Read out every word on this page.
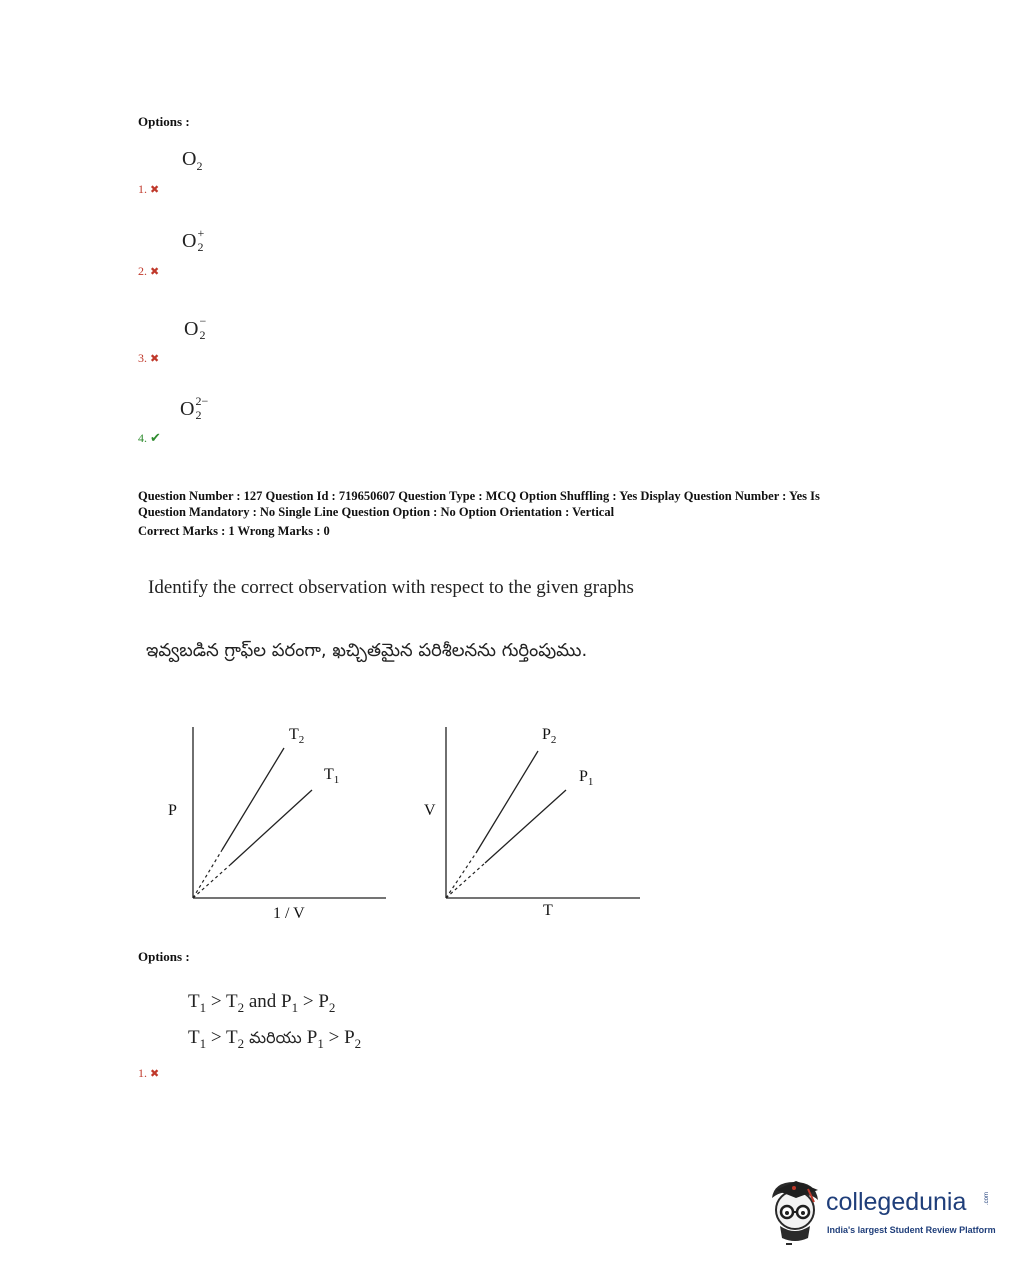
Options :
$O_2$
1. ✖
O +
2
2. ✖
O −
2
3. ✖
O 2−
2
4. ✔
Question Number : 127 Question Id : 719650607 Question Type : MCQ Option Shuffling : Yes Display Question Number : Yes Is
Question Mandatory : No Single Line Question Option : No Option Orientation : Vertical
Correct Marks : 1 Wrong Marks : 0
Identify the correct observation with respect to the given graphs
ఇవ్వబడిన గ్రాఫ్‌ల పరంగా, ఖచ్చితమైన పరిశీలనను గుర్తింపుము.
P
1 / V
$T_2$
$T_1$
V
T
$P_2$
$P_1$
Options :
$T_1 > T_2$ and $P_1 > P_2$
$T_1 > T_2$ మరియు $P_1 > P_2$
1. ✖
collegedunia	.com
India's largest Student Review Platform
